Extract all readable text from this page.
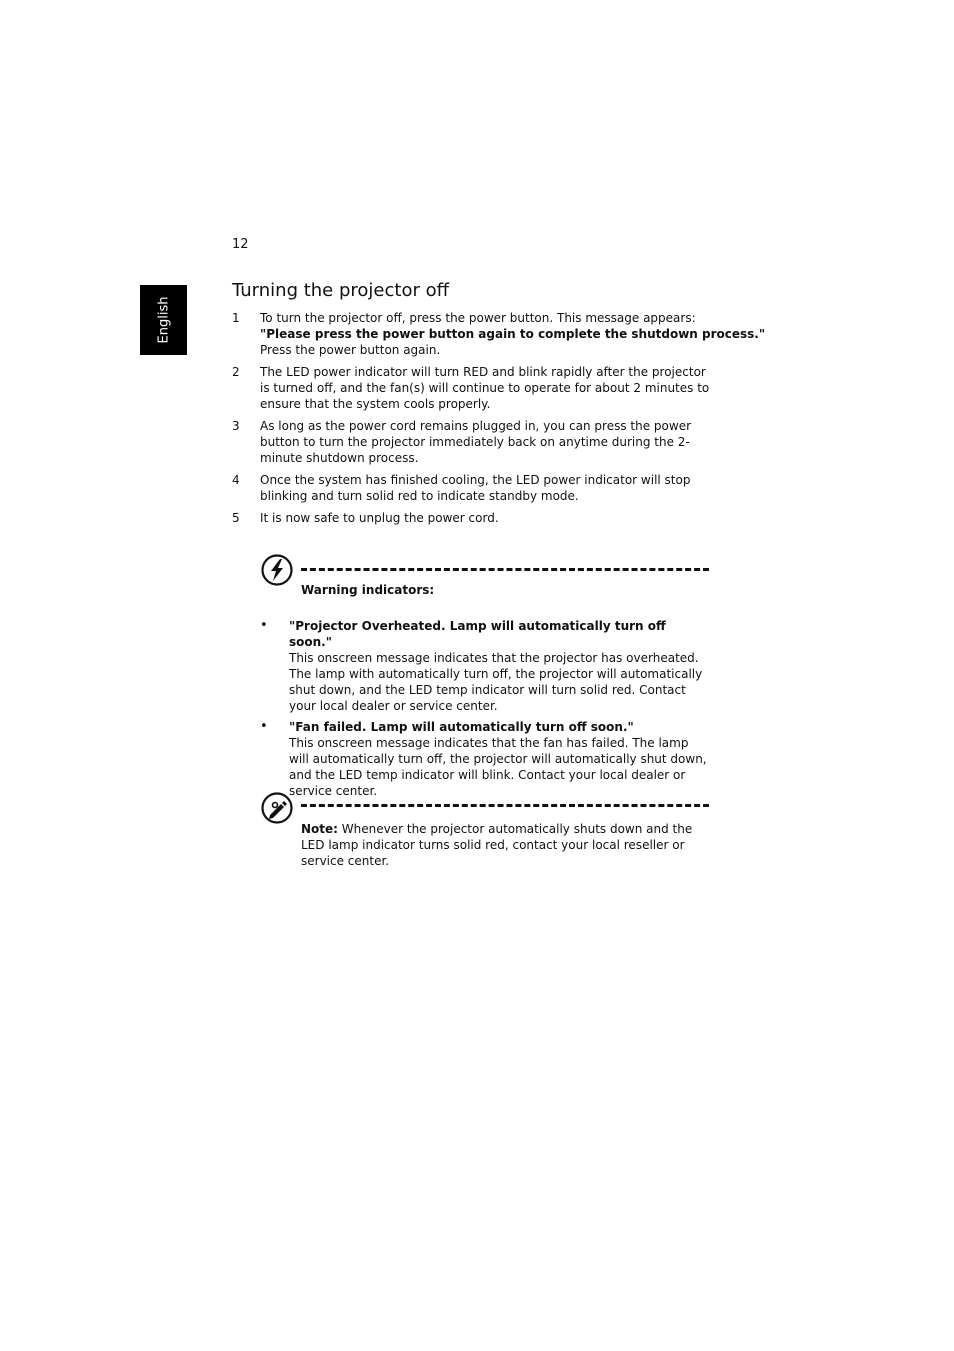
12
English
Turning the projector off
1 To turn the projector off, press the power button. This message appears:
"Please press the power button again to complete the shutdown process."
Press the power button again.
2 The LED power indicator will turn RED and blink rapidly after the projector is turned off, and the fan(s) will continue to operate for about 2 minutes to ensure that the system cools properly.
3 As long as the power cord remains plugged in, you can press the power button to turn the projector immediately back on anytime during the 2-minute shutdown process.
4 Once the system has finished cooling, the LED power indicator will stop blinking and turn solid red to indicate standby mode.
5 It is now safe to unplug the power cord.
Warning indicators:
• "Projector Overheated. Lamp will automatically turn off soon."
This onscreen message indicates that the projector has overheated. The lamp with automatically turn off, the projector will automatically shut down, and the LED temp indicator will turn solid red. Contact your local dealer or service center.
• "Fan failed. Lamp will automatically turn off soon."
This onscreen message indicates that the fan has failed. The lamp will automatically turn off, the projector will automatically shut down, and the LED temp indicator will blink. Contact your local dealer or service center.

Note: Whenever the projector automatically shuts down and the LED lamp indicator turns solid red, contact your local reseller or service center.
